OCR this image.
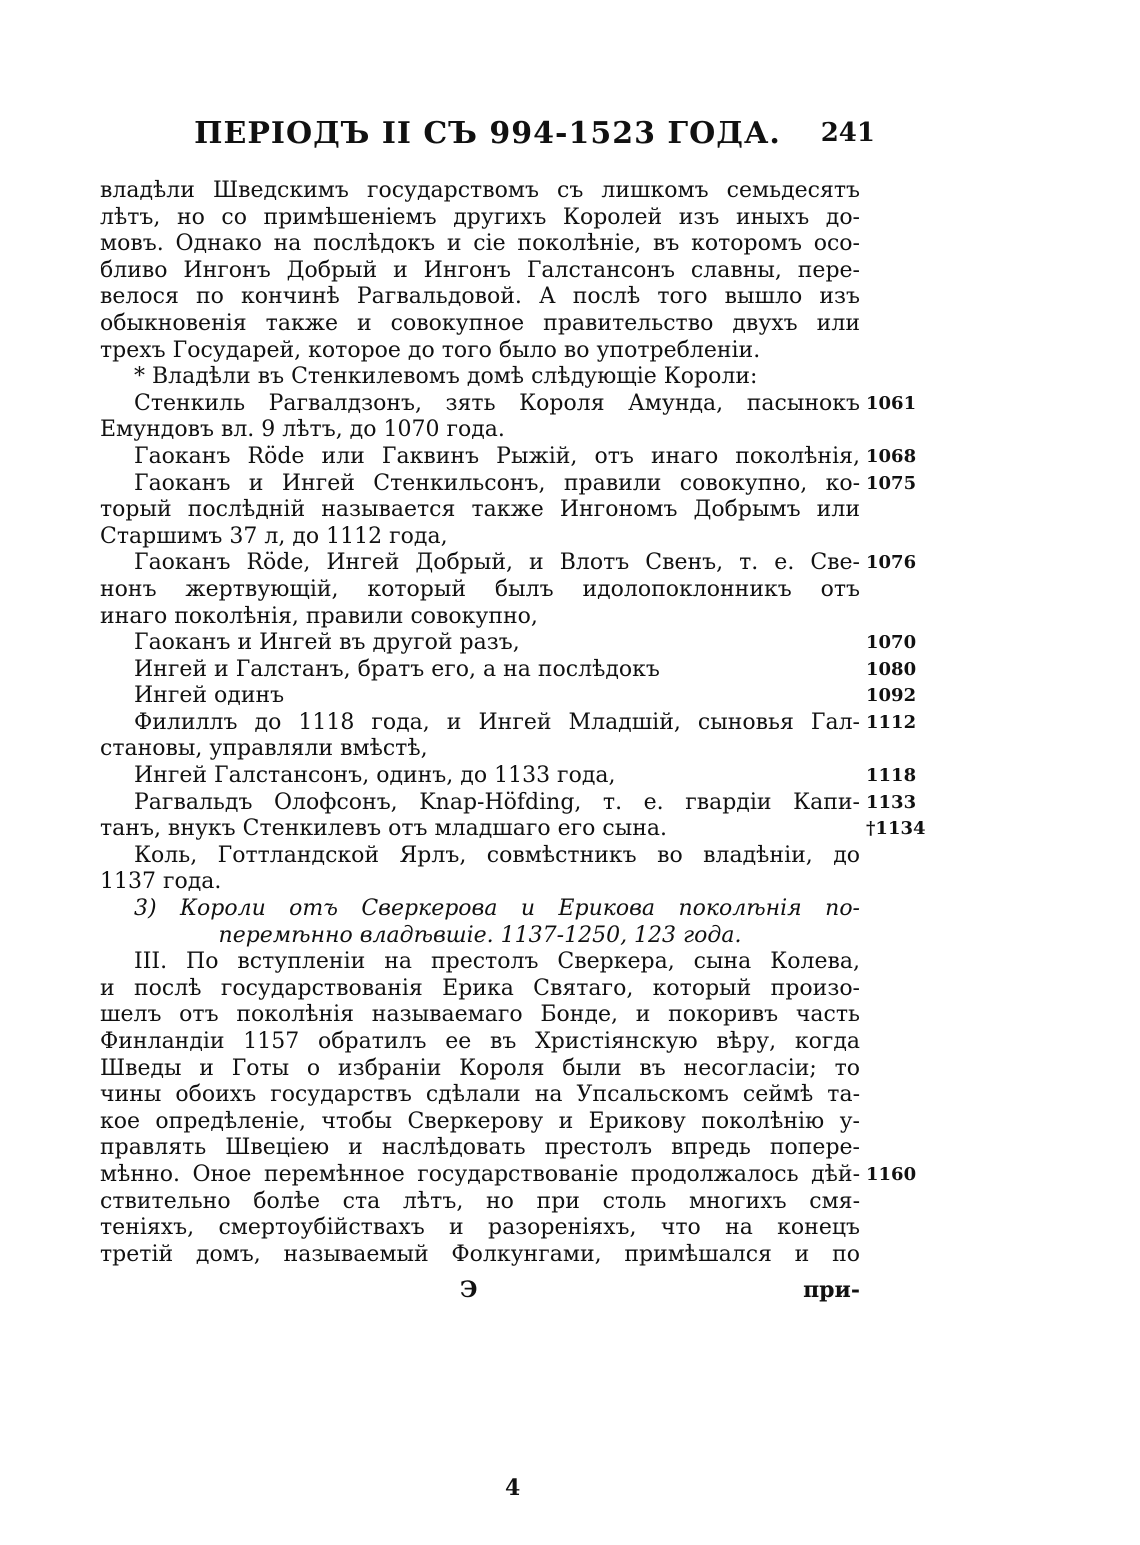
ПЕРІОДЪ II СЪ 994-1523 ГОДА.	241
владѣли Шведскимъ государствомъ съ лишкомъ семьдесятъ
лѣтъ, но со примѣшеніемъ другихъ Королей изъ иныхъ до-
мовъ. Однако на послѣдокъ и сіе поколѣніе, въ которомъ осо-
бливо Ингонъ Добрый и Ингонъ Галстансонъ славны, пере-
велося по кончинѣ Рагвальдовой. А послѣ того вышло изъ
обыкновенія также и совокупное правительство двухъ или
трехъ Государей, которое до того было во употребленіи.
* Владѣли въ Стенкилевомъ домѣ слѣдующіе Короли:
Стенкиль Рагвалдзонъ, зять Короля Амунда, пасынокъ 1061
Емундовъ вл. 9 лѣтъ, до 1070 года.
Гаоканъ Röde или Гаквинъ Рыжій, отъ инаго поколѣнія, 1068
Гаоканъ и Ингей Стенкильсонъ, правили совокупно, ко- 1075
торый послѣдній называется также Ингономъ Добрымъ или
Старшимъ 37 л, до 1112 года,
Гаоканъ Röde, Ингей Добрый, и Влотъ Свенъ, т. е. Све- 1076
нонъ жертвующій, который былъ идолопоклонникъ отъ
инаго поколѣнія, правили совокупно,
Гаоканъ и Ингей въ другой разъ,	1070
Ингей и Галстанъ, братъ его, а на послѣдокъ	1080
Ингей одинъ	1092
Филиллъ до 1118 года, и Ингей Младшій, сыновья Гал- 1112
становы, управляли вмѣстѣ,
Ингей Галстансонъ, одинъ, до 1133 года,	1118
Рагвальдъ Олофсонъ, Knap-Höfding, т. е. гвардіи Капи- 1133
танъ, внукъ Стенкилевъ отъ младшаго его сына.	†1134
Коль, Готтландской Ярлъ, совмѣстникъ во владѣніи, до
1137 года.
3) Короли отъ Сверкерова и Ерикова поколѣнія по-
перемѣнно владѣвшіе. 1137-1250, 123 года.
III. По вступленіи на престолъ Сверкера, сына Колева,
и послѣ государствованія Ерика Святаго, который произо-
шелъ отъ поколѣнія называемаго Бонде, и покоривъ часть
Финландіи 1157 обратилъ ее въ Христіянскую вѣру, когда
Шведы и Готы о избраніи Короля были въ несогласіи; то
чины обоихъ государствъ сдѣлали на Упсальскомъ сеймѣ та-
кое опредѣленіе, чтобы Сверкерову и Ерикову поколѣнію у-
правлять Швеціею и наслѣдовать престолъ впредь попере-
мѣнно. Оное перемѣнное государствованіе продолжалось дѣй- 1160
ствительно болѣе ста лѣтъ, но при столь многихъ смя-
теніяхъ, смертоубійствахъ и разореніяхъ, что на конецъ
третій домъ, называемый Фолкунгами, примѣшался и по
Э	при-
4
